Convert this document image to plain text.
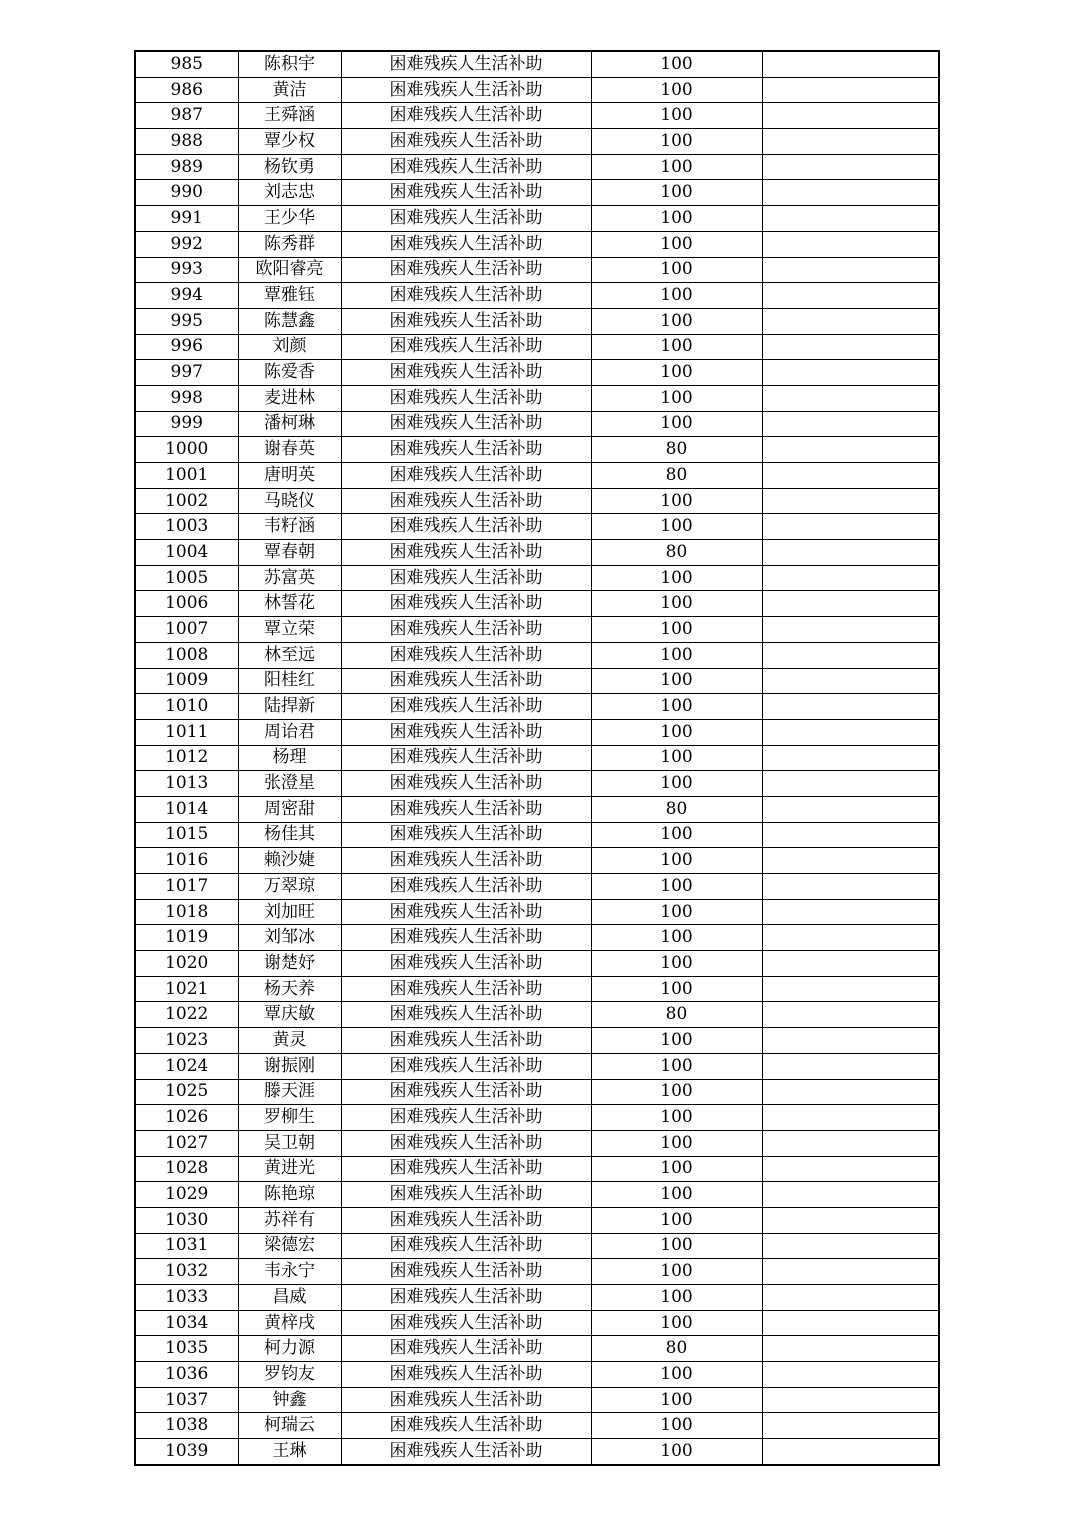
985	陈积宇	困难残疾人生活补助	100	
986	黄洁	困难残疾人生活补助	100	
987	王舜涵	困难残疾人生活补助	100	
988	覃少权	困难残疾人生活补助	100	
989	杨钦勇	困难残疾人生活补助	100	
990	刘志忠	困难残疾人生活补助	100	
991	王少华	困难残疾人生活补助	100	
992	陈秀群	困难残疾人生活补助	100	
993	欧阳睿亮	困难残疾人生活补助	100	
994	覃雅钰	困难残疾人生活补助	100	
995	陈慧鑫	困难残疾人生活补助	100	
996	刘颜	困难残疾人生活补助	100	
997	陈爱香	困难残疾人生活补助	100	
998	麦进林	困难残疾人生活补助	100	
999	潘柯琳	困难残疾人生活补助	100	
1000	谢春英	困难残疾人生活补助	80	
1001	唐明英	困难残疾人生活补助	80	
1002	马晓仪	困难残疾人生活补助	100	
1003	韦籽涵	困难残疾人生活补助	100	
1004	覃春朝	困难残疾人生活补助	80	
1005	苏富英	困难残疾人生活补助	100	
1006	林誓花	困难残疾人生活补助	100	
1007	覃立荣	困难残疾人生活补助	100	
1008	林至远	困难残疾人生活补助	100	
1009	阳桂红	困难残疾人生活补助	100	
1010	陆捍新	困难残疾人生活补助	100	
1011	周诒君	困难残疾人生活补助	100	
1012	杨理	困难残疾人生活补助	100	
1013	张澄星	困难残疾人生活补助	100	
1014	周密甜	困难残疾人生活补助	80	
1015	杨佳其	困难残疾人生活补助	100	
1016	赖沙婕	困难残疾人生活补助	100	
1017	万翠琼	困难残疾人生活补助	100	
1018	刘加旺	困难残疾人生活补助	100	
1019	刘邹冰	困难残疾人生活补助	100	
1020	谢楚妤	困难残疾人生活补助	100	
1021	杨天养	困难残疾人生活补助	100	
1022	覃庆敏	困难残疾人生活补助	80	
1023	黄灵	困难残疾人生活补助	100	
1024	谢振刚	困难残疾人生活补助	100	
1025	滕天涯	困难残疾人生活补助	100	
1026	罗柳生	困难残疾人生活补助	100	
1027	吴卫朝	困难残疾人生活补助	100	
1028	黄进光	困难残疾人生活补助	100	
1029	陈艳琼	困难残疾人生活补助	100	
1030	苏祥有	困难残疾人生活补助	100	
1031	梁德宏	困难残疾人生活补助	100	
1032	韦永宁	困难残疾人生活补助	100	
1033	昌威	困难残疾人生活补助	100	
1034	黄梓戌	困难残疾人生活补助	100	
1035	柯力源	困难残疾人生活补助	80	
1036	罗钧友	困难残疾人生活补助	100	
1037	钟鑫	困难残疾人生活补助	100	
1038	柯瑞云	困难残疾人生活补助	100	
1039	王琳	困难残疾人生活补助	100	
